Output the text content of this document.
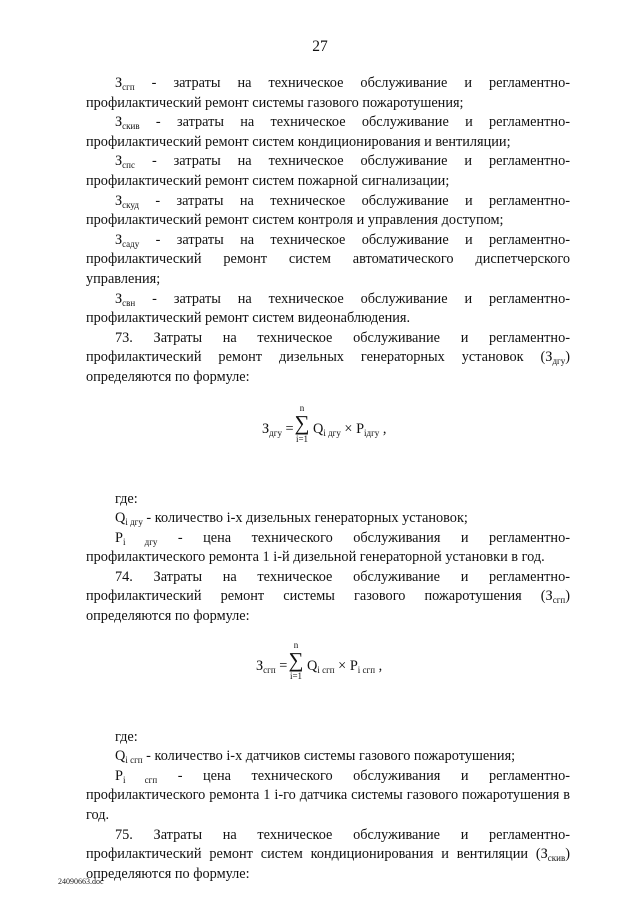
27

$З_{сгп}$ - затраты на техническое обслуживание и регламентно-профилактический ремонт системы газового пожаротушения;

$З_{скив}$ - затраты на техническое обслуживание и регламентно-профилактический ремонт систем кондиционирования и вентиляции;

$З_{спс}$ - затраты на техническое обслуживание и регламентно-профилактический ремонт систем пожарной сигнализации;

$З_{скуд}$ - затраты на техническое обслуживание и регламентно-профилактический ремонт систем контроля и управления доступом;

$З_{сaду}$ - затраты на техническое обслуживание и регламентно-профилактический ремонт систем автоматического диспетчерского управления;

$З_{свн}$ - затраты на техническое обслуживание и регламентно-профилактический ремонт систем видеонаблюдения.

73. Затраты на техническое обслуживание и регламентно-профилактический ремонт дизельных генераторных установок $(З_{дгу})$ определяются по формуле:

$З_{дгу}$ =
n
∑
i=1
$Q_{i дгу} \times P_{iдгу}$ ,

где:

$Q_{i дгу}$ - количество i-х дизельных генераторных установок;

$P_{i дгу}$ - цена технического обслуживания и регламентно-профилактического ремонта 1 i-й дизельной генераторной установки в год.

74. Затраты на техническое обслуживание и регламентно-профилактический ремонт системы газового пожаротушения $(З_{сгп})$ определяются по формуле:

$З_{сгп}$ =
n
∑
i=1
$Q_{i сгп} \times P_{i сгп}$ ,

где:

$Q_{i сгп}$ - количество i-х датчиков системы газового пожаротушения;

$P_{i сгп}$ - цена технического обслуживания и регламентно-профилактического ремонта 1 i-го датчика системы газового пожаротушения в год.

75. Затраты на техническое обслуживание и регламентно-профилактический ремонт систем кондиционирования и вентиляции $(З_{скив})$ определяются по формуле:

24090663.doc
